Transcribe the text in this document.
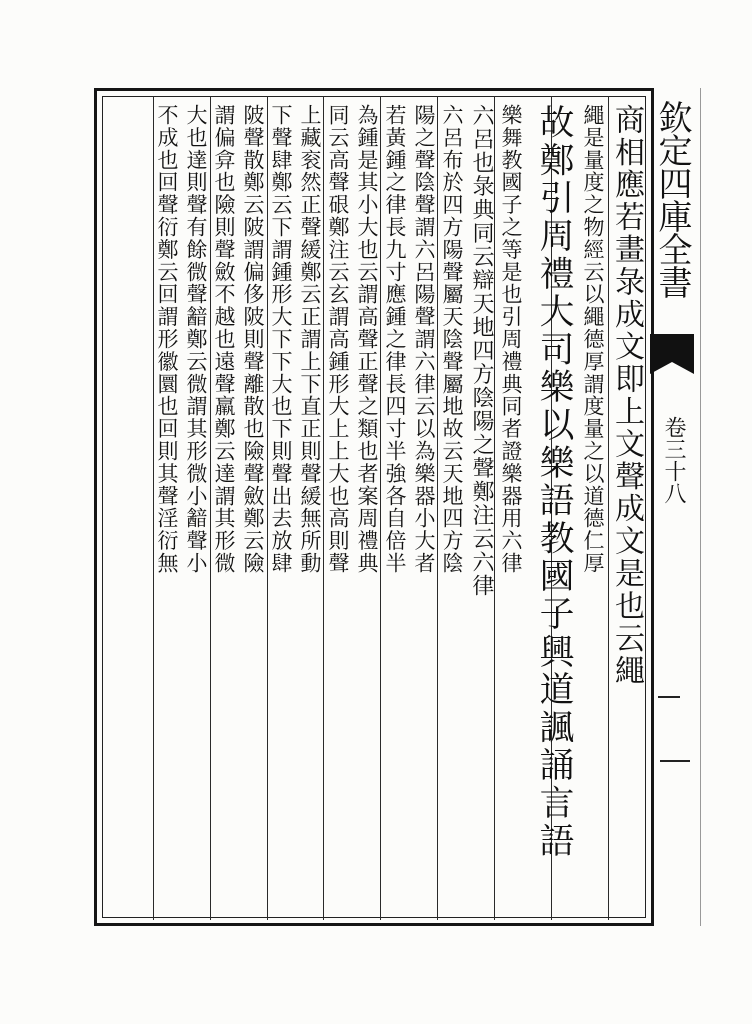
欽定四庫全書
卷三十八
商相應若畫彔成文即上文聲成文是也云繩
繩是量度之物經云以繩德厚謂度量之以道德仁厚
故鄭引周禮大司樂以樂語教國子興道諷誦言語
樂舞教國子之等是也引周禮典同者證樂器用六律
六呂也彔典同云辯天地四方陰陽之聲鄭注云六律
六呂布於四方陽聲屬天陰聲屬地故云天地四方陰
陽之聲陰聲謂六呂陽聲謂六律云以為樂器小大者
若黃鍾之律長九寸應鍾之律長四寸半強各自倍半
為鍾是其小大也云謂高聲正聲之類也者案周禮典
同云高聲硍鄭注云玄謂高鍾形大上上大也高則聲
上藏衮然正聲緩鄭云正謂上下直正則聲緩無所動
下聲肆鄭云下謂鍾形大下下大也下則聲出去放肆
陂聲散鄭云陂謂偏侈陂則聲離散也險聲斂鄭云險
謂偏弇也險則聲斂不越也遠聲羸鄭云達謂其形微
大也達則聲有餘微聲韽鄭云微謂其形微小韽聲小
不成也回聲衍鄭云回謂形徽圜也回則其聲淫衍無
